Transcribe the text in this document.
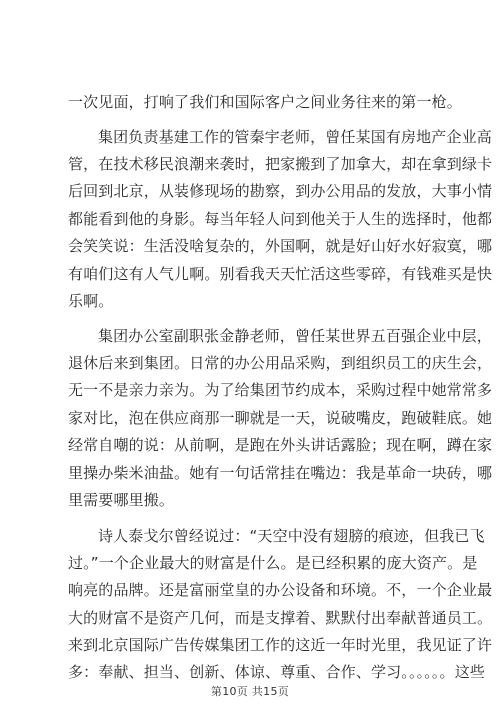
一次见面，打响了我们和国际客户之间业务往来的第一枪。
集团负责基建工作的管秦宇老师，曾任某国有房地产企业高
管，在技术移民浪潮来袭时，把家搬到了加拿大，却在拿到绿卡
后回到北京，从装修现场的勘察，到办公用品的发放，大事小情
都能看到他的身影。每当年轻人问到他关于人生的选择时，他都
会笑笑说：生活没啥复杂的，外国啊，就是好山好水好寂寞，哪
有咱们这有人气儿啊。别看我天天忙活这些零碎，有钱难买是快
乐啊。
集团办公室副职张金静老师，曾任某世界五百强企业中层，
退休后来到集团。日常的办公用品采购，到组织员工的庆生会，
无一不是亲力亲为。为了给集团节约成本，采购过程中她常常多
家对比，泡在供应商那一聊就是一天，说破嘴皮，跑破鞋底。她
经常自嘲的说：从前啊，是跑在外头讲话露脸；现在啊，蹲在家
里操办柴米油盐。她有一句话常挂在嘴边：我是革命一块砖，哪
里需要哪里搬。
诗人泰戈尔曾经说过：“天空中没有翅膀的痕迹，但我已飞
过。”一个企业最大的财富是什么。是已经积累的庞大资产。是
响亮的品牌。还是富丽堂皇的办公设备和环境。不，一个企业最
大的财富不是资产几何，而是支撑着、默默付出奉献普通员工。
来到北京国际广告传媒集团工作的这近一年时光里，我见证了许
多：奉献、担当、创新、体谅、尊重、合作、学习。。。。。。这些
第10页 共15页
